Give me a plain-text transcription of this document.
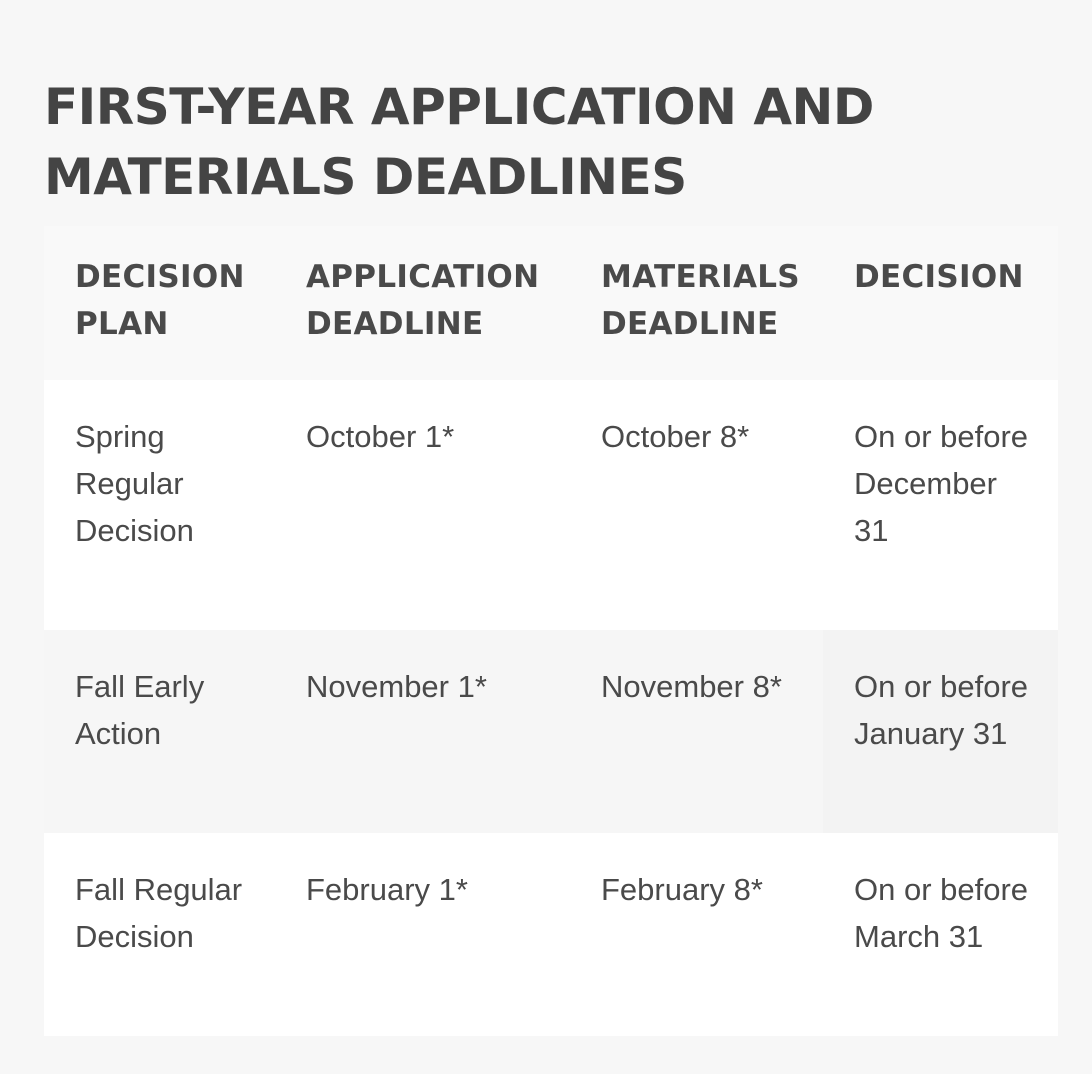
FIRST-YEAR APPLICATION AND
MATERIALS DEADLINES
DECISION PLAN	APPLICATION DEADLINE	MATERIALS DEADLINE	DECISION
Spring Regular Decision	October 1*	October 8*	On or before December 31
Fall Early Action	November 1*	November 8*	On or before January 31
Fall Regular Decision	February 1*	February 8*	On or before March 31
